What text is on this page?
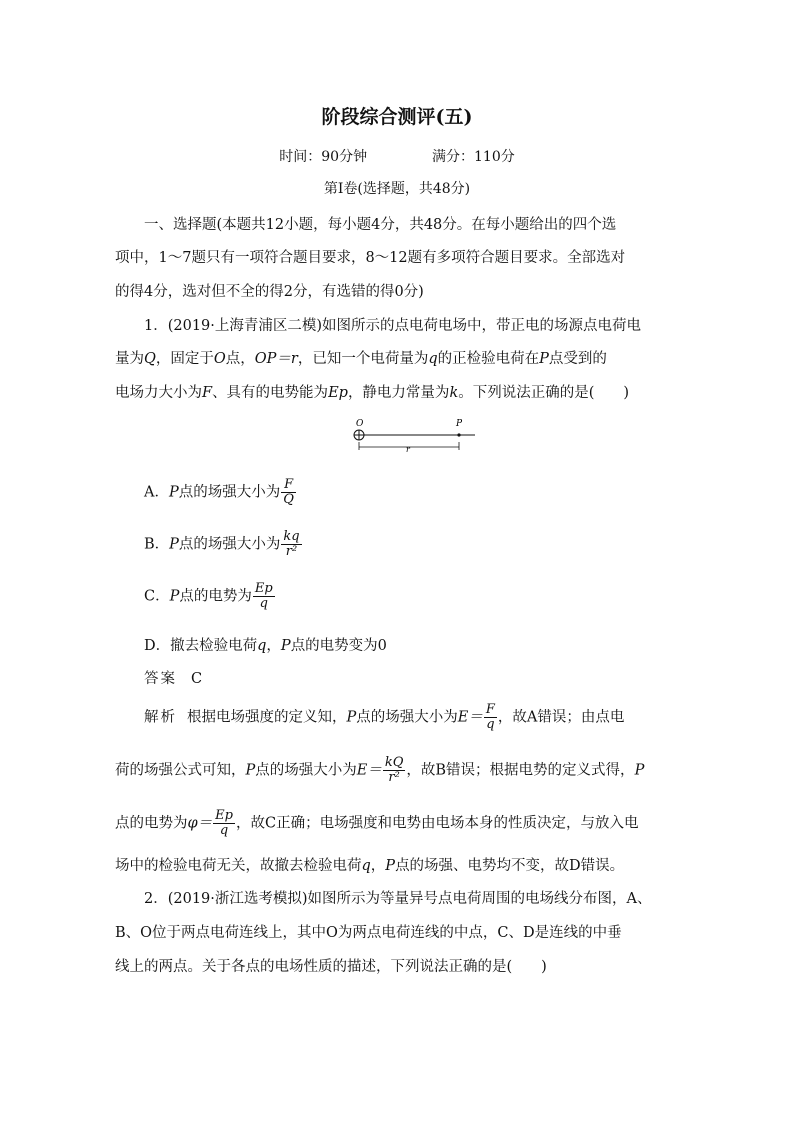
阶段综合测评(五)
时间：90分钟	满分：110分
第Ⅰ卷(选择题，共48分)
一、选择题(本题共12小题，每小题4分，共48分。在每小题给出的四个选
项中，1～7题只有一项符合题目要求，8～12题有多项符合题目要求。全部选对
的得4分，选对但不全的得2分，有选错的得0分)
1．(2019·上海青浦区二模)如图所示的点电荷电场中，带正电的场源点电荷电
量为Q，固定于O点，OP＝r，已知一个电荷量为q的正检验电荷在P点受到的
电场力大小为F、具有的电势能为Ep，静电力常量为k。下列说法正确的是(　　)
O	P
r
A．P点的场强大小为 $\frac{F}{Q}$
B．P点的场强大小为 $\frac{kq}{\text{r²}}$
C．P点的电势为 $\frac{Ep}{q}$
D．撤去检验电荷q，P点的电势变为0
答案 C
解析 根据电场强度的定义知，P点的场强大小为$E= \frac{F}{q}$ ，故A错误；由点电
荷的场强公式可知，P点的场强大小为$E= \frac{kQ}{\text{r²}}$ ，故B错误；根据电势的定义式得，P
点的电势为$\varphi= \frac{Ep}{q}$ ，故C正确；电场强度和电势由电场本身的性质决定，与放入电
场中的检验电荷无关，故撤去检验电荷q，P点的场强、电势均不变，故D错误。
2．(2019·浙江选考模拟)如图所示为等量异号点电荷周围的电场线分布图，A、
B、O位于两点电荷连线上，其中O为两点电荷连线的中点，C、D是连线的中垂
线上的两点。关于各点的电场性质的描述，下列说法正确的是(　　)
